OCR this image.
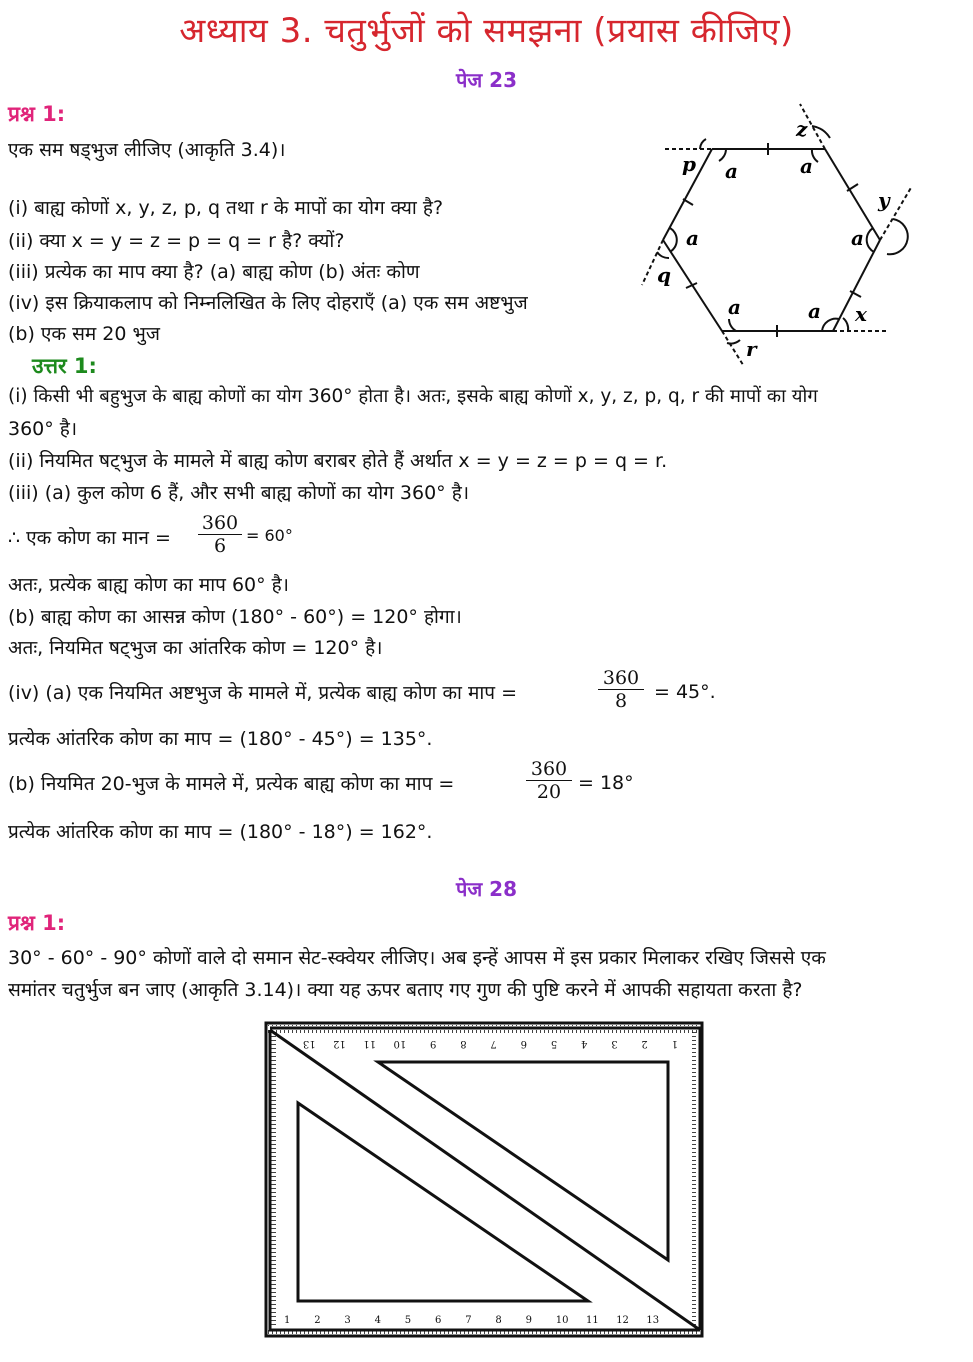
अध्याय 3. चतुर्भुजों को समझना (प्रयास कीजिए)
पेज 23
प्रश्न 1:
एक सम षड्भुज लीजिए (आकृति 3.4)।
(i) बाह्य कोणों x, y, z, p, q तथा r के मापों का योग क्या है?
(ii) क्या x = y = z = p = q = r है? क्यों?
(iii) प्रत्येक का माप क्या है? (a) बाह्य कोण (b) अंतः कोण
(iv) इस क्रियाकलाप को निम्नलिखित के लिए दोहराएँ (a) एक सम अष्टभुज
(b) एक सम 20 भुज
उत्तर 1:
(i) किसी भी बहुभुज के बाह्य कोणों का योग 360° होता है। अतः, इसके बाह्य कोणों x, y, z, p, q, r की मापों का योग
360° है।
(ii) नियमित षट्भुज के मामले में बाह्य कोण बराबर होते हैं अर्थात x = y = z = p = q = r.
(iii) (a) कुल कोण 6 हैं, और सभी बाह्य कोणों का योग 360° है।
∴ एक कोण का मान = $\frac{360}{6} = 60^\circ$
अतः, प्रत्येक बाह्य कोण का माप 60° है।
(b) बाह्य कोण का आसन्न कोण (180° - 60°) = 120° होगा।
अतः, नियमित षट्भुज का आंतरिक कोण = 120° है।
(iv) (a) एक नियमित अष्टभुज के मामले में, प्रत्येक बाह्य कोण का माप =	$\frac{360}{8} = 45^\circ$.
प्रत्येक आंतरिक कोण का माप = (180° - 45°) = 135°.
(b) नियमित 20-भुज के मामले में, प्रत्येक बाह्य कोण का माप =	$\frac{360}{20} = 18^\circ$
प्रत्येक आंतरिक कोण का माप = (180° - 18°) = 162°.
p a	a
z
y
a
a
q
a	a x
r
पेज 28
प्रश्न 1:
30° - 60° - 90° कोणों वाले दो समान सेट-स्क्वेयर लीजिए। अब इन्हें आपस में इस प्रकार मिलाकर रखिए जिससे एक
समांतर चतुर्भुज बन जाए (आकृति 3.14)। क्या यह ऊपर बताए गए गुण की पुष्टि करने में आपकी सहायता करता है?
1 2 3 4 5 6 7 8 9 10 11 12 13
1
2
3
4
5
6
7
8
9
10
11
12
13
